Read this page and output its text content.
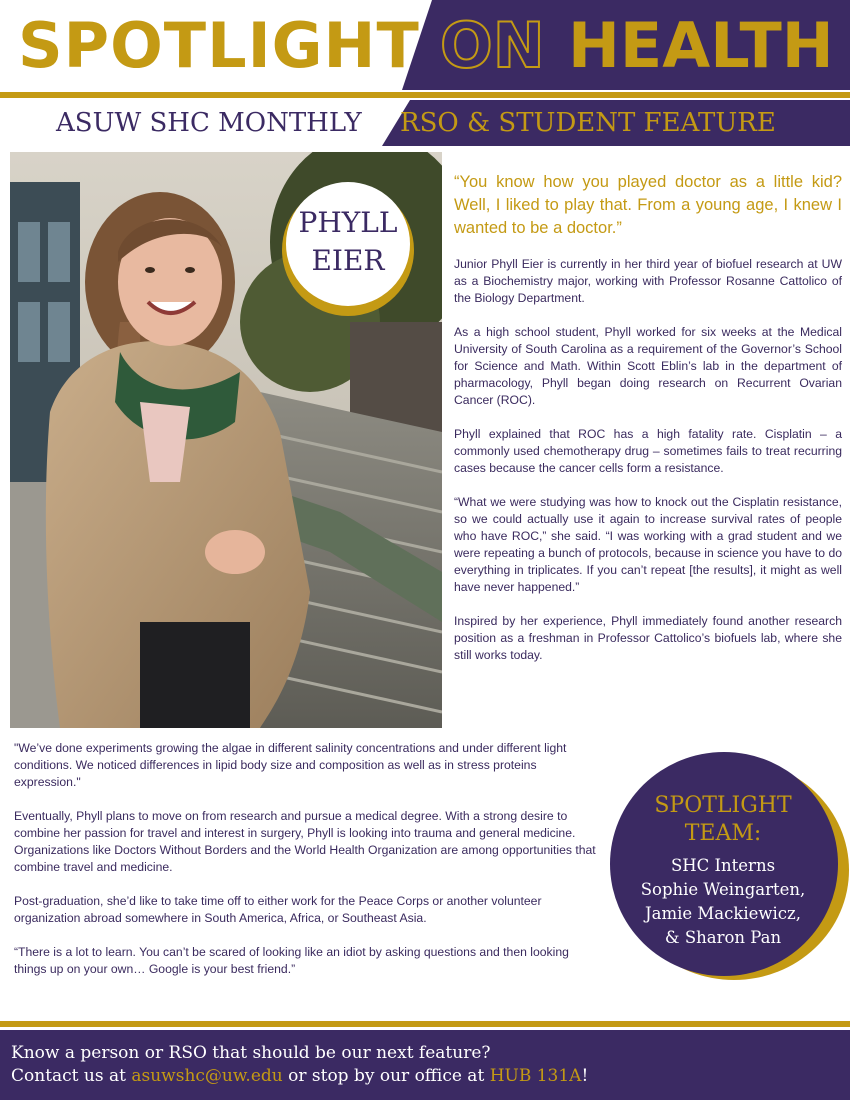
SPOTLIGHT ON HEALTH
ASUW SHC MONTHLY RSO & STUDENT FEATURE
PHYLL
EIER
“You know how you played doctor as a little kid? Well, I liked to play that. From a young age, I knew I wanted to be a doctor.”

Junior Phyll Eier is currently in her third year of biofuel research at UW as a Biochemistry major, working with Professor Rosanne Cattolico of the Biology Department.

As a high school student, Phyll worked for six weeks at the Medical University of South Carolina as a requirement of the Governor’s School for Science and Math. Within Scott Eblin’s lab in the department of pharmacology, Phyll began doing research on Recurrent Ovarian Cancer (ROC).

Phyll explained that ROC has a high fatality rate. Cisplatin – a commonly used chemotherapy drug – sometimes fails to treat recurring cases because the cancer cells form a resistance.

“What we were studying was how to knock out the Cisplatin resistance, so we could actually use it again to increase survival rates of people who have ROC,” she said. “I was working with a grad student and we were repeating a bunch of protocols, because in science you have to do everything in triplicates. If you can’t repeat [the results], it might as well have never happened.”

Inspired by her experience, Phyll immediately found another research position as a freshman in Professor Cattolico’s biofuels lab, where she still works today.

"We’ve done experiments growing the algae in different salinity concentrations and under different light conditions. We noticed differences in lipid body size and composition as well as in stress proteins expression."

Eventually, Phyll plans to move on from research and pursue a medical degree. With a strong desire to combine her passion for travel and interest in surgery, Phyll is looking into trauma and general medicine. Organizations like Doctors Without Borders and the World Health Organization are among opportunities that combine travel and medicine.

Post-graduation, she’d like to take time off to either work for the Peace Corps or another volunteer organization abroad somewhere in South America, Africa, or Southeast Asia.

“There is a lot to learn. You can’t be scared of looking like an idiot by asking questions and then looking things up on your own… Google is your best friend.”

SPOTLIGHT
TEAM:
SHC Interns
Sophie Weingarten,
Jamie Mackiewicz,
& Sharon Pan
Know a person or RSO that should be our next feature?
Contact us at asuwshc@uw.edu or stop by our office at HUB 131A!
